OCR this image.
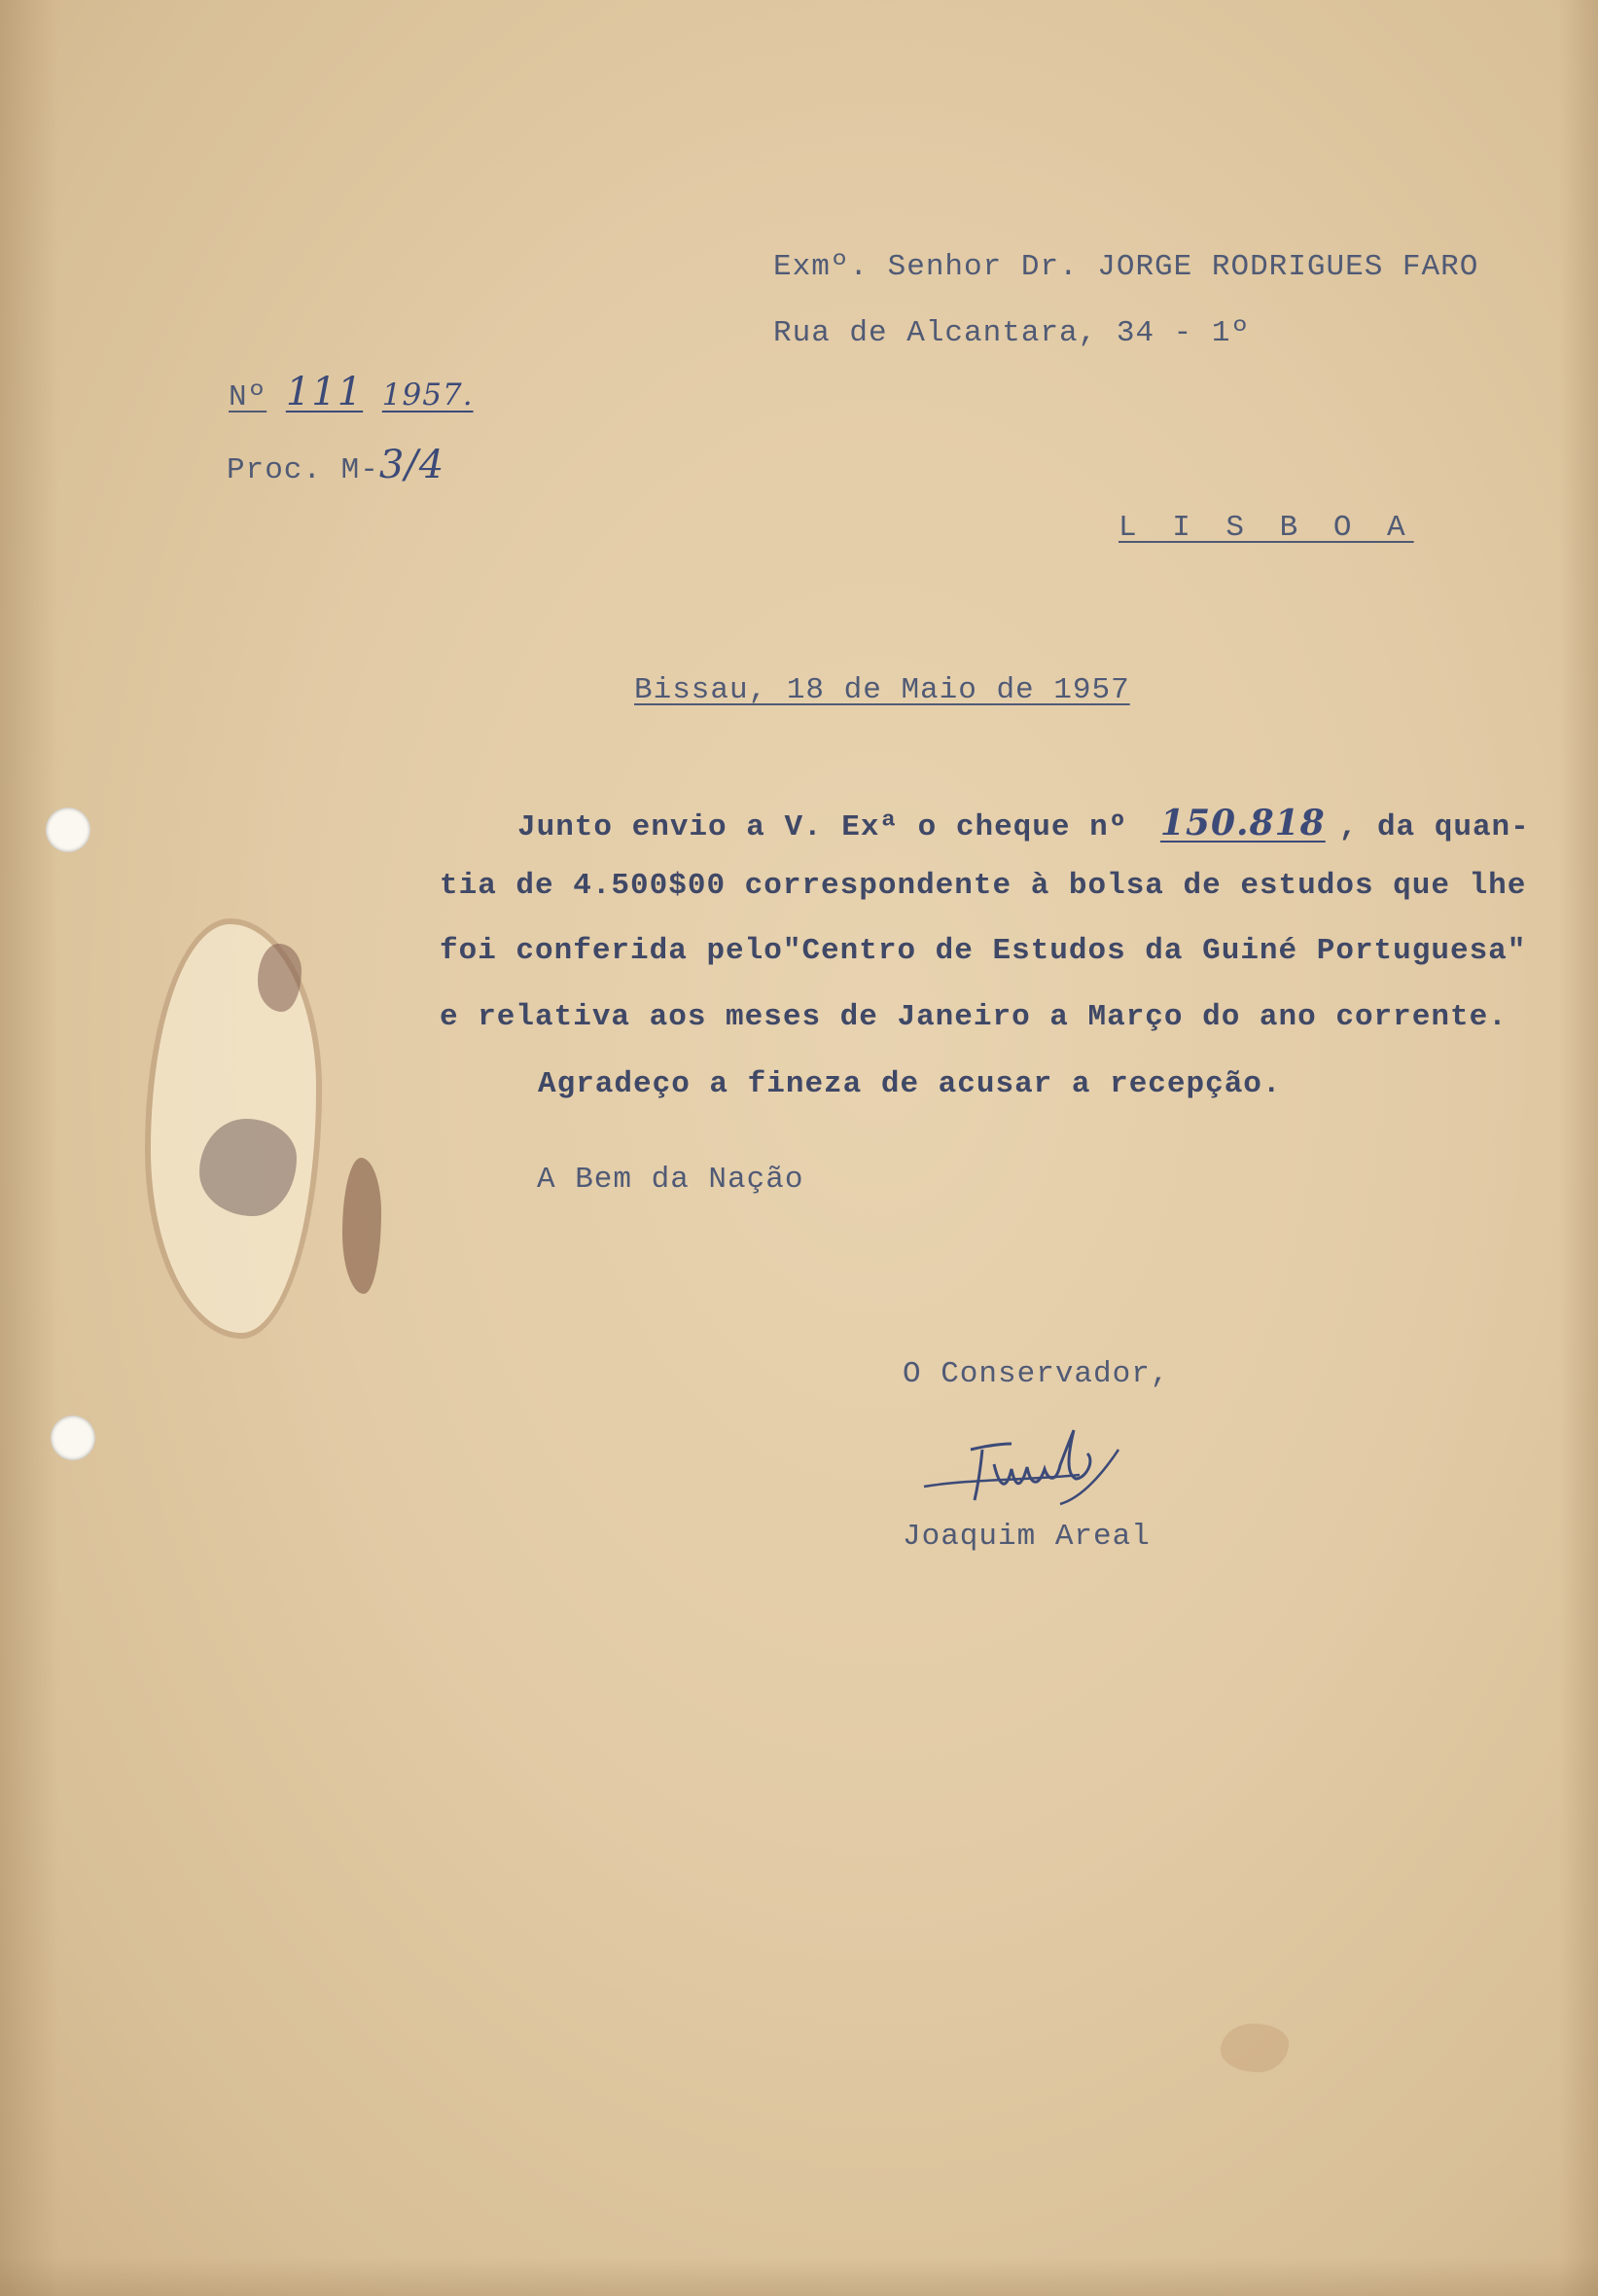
Exmº. Senhor Dr. JORGE RODRIGUES FARO
Rua de Alcantara, 34 - 1º
Nº 111 1957.
Proc. M-3/4
L I S B O A
Bissau, 18 de Maio de 1957
Junto envio a V. Exª o cheque nº 150.818 , da quan-
tia de 4.500$00 correspondente à bolsa de estudos que lhe
foi conferida pelo"Centro de Estudos da Guiné Portuguesa"
e relativa aos meses de Janeiro a Março do ano corrente.
Agradeço a fineza de acusar a recepção.
A Bem da Nação
O Conservador,
Joaquim Areal
